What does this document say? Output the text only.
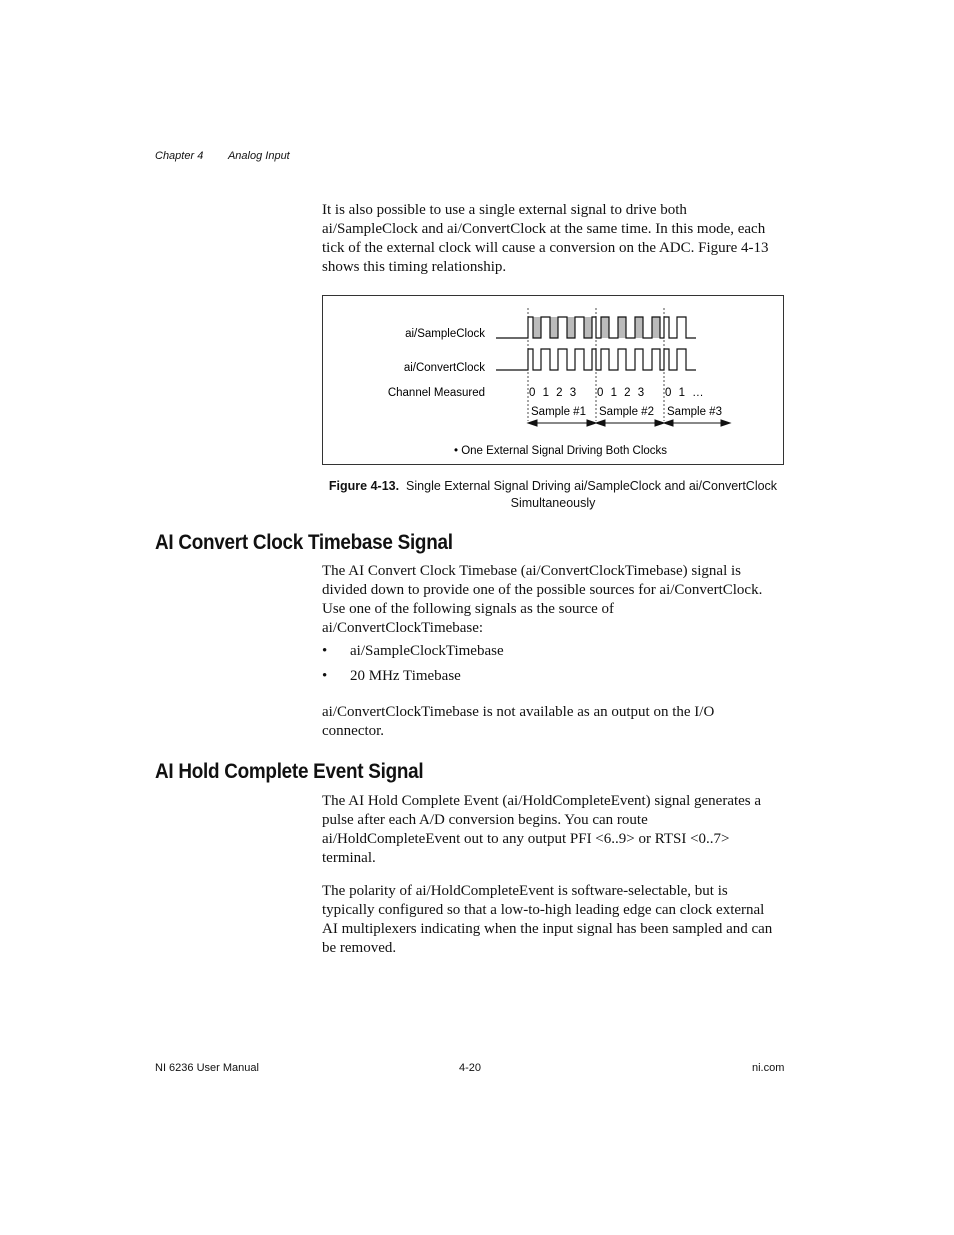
Chapter 4 Analog Input
It is also possible to use a single external signal to drive both
ai/SampleClock and ai/ConvertClock at the same time. In this mode, each
tick of the external clock will cause a conversion on the ADC. Figure 4-13
shows this timing relationship.
ai/SampleClock
ai/ConvertClock
Channel Measured	0 1 2 3 0 1 2 3 0 1 …
Sample #1 Sample #2 Sample #3
• One External Signal Driving Both Clocks
Figure 4-13. Single External Signal Driving ai/SampleClock and ai/ConvertClock
Simultaneously
AI Convert Clock Timebase Signal
The AI Convert Clock Timebase (ai/ConvertClockTimebase) signal is
divided down to provide one of the possible sources for ai/ConvertClock.
Use one of the following signals as the source of
ai/ConvertClockTimebase:
• ai/SampleClockTimebase
• 20 MHz Timebase
ai/ConvertClockTimebase is not available as an output on the I/O
connector.
AI Hold Complete Event Signal
The AI Hold Complete Event (ai/HoldCompleteEvent) signal generates a
pulse after each A/D conversion begins. You can route
ai/HoldCompleteEvent out to any output PFI <6..9> or RTSI <0..7>
terminal.
The polarity of ai/HoldCompleteEvent is software-selectable, but is
typically configured so that a low-to-high leading edge can clock external
AI multiplexers indicating when the input signal has been sampled and can
be removed.
NI 6236 User Manual	4-20	ni.com
